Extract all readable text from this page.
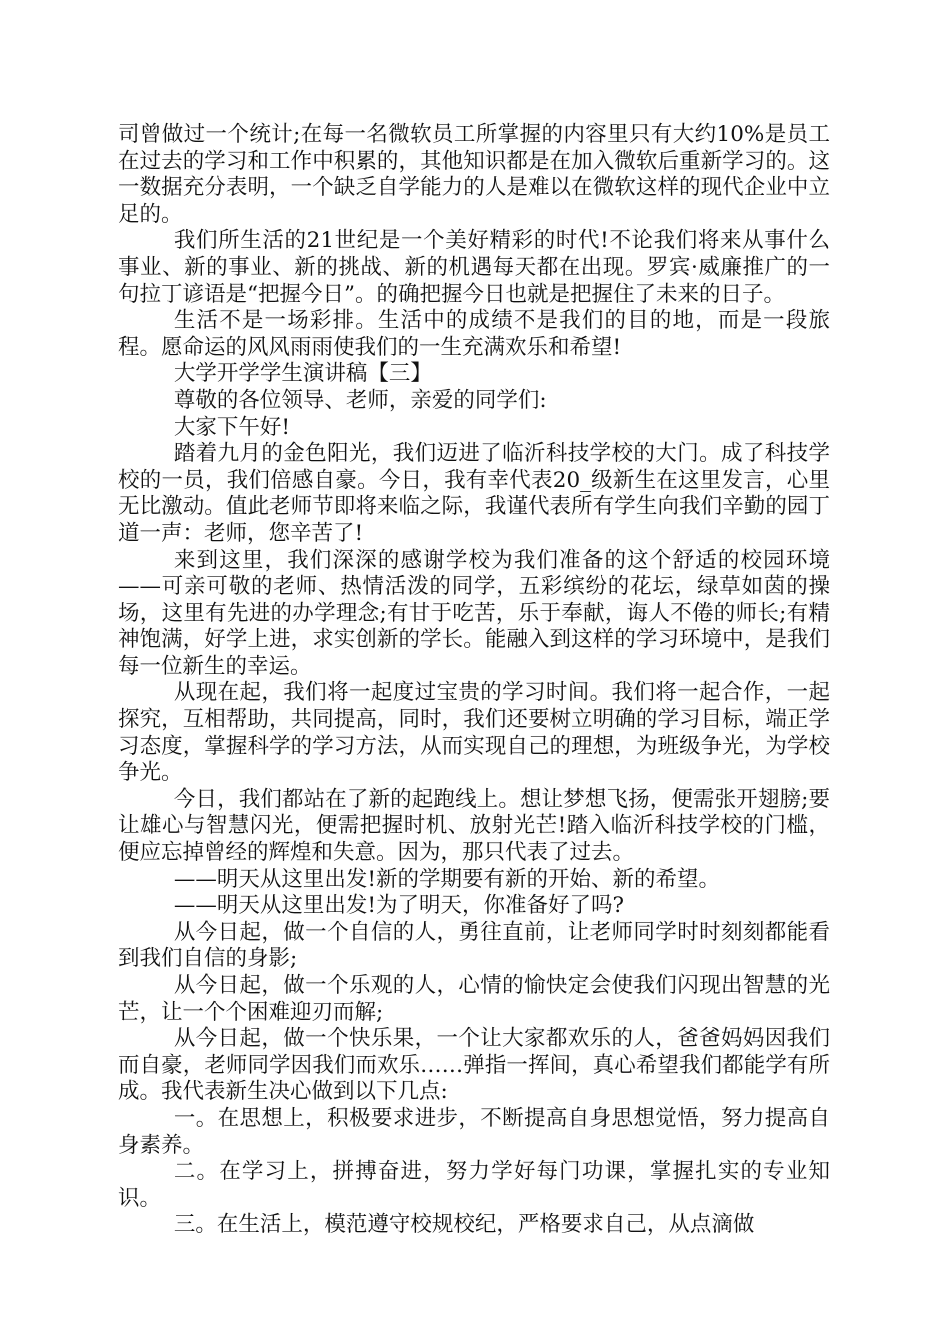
司曾做过一个统计;在每一名微软员工所掌握的内容里只有大约10%是员工在过去的学习和工作中积累的，其他知识都是在加入微软后重新学习的。这一数据充分表明，一个缺乏自学能力的人是难以在微软这样的现代企业中立足的。

我们所生活的21世纪是一个美好精彩的时代!不论我们将来从事什么事业、新的事业、新的挑战、新的机遇每天都在出现。罗宾·威廉推广的一句拉丁谚语是“把握今日”。的确把握今日也就是把握住了未来的日子。

生活不是一场彩排。生活中的成绩不是我们的目的地，而是一段旅程。愿命运的风风雨雨使我们的一生充满欢乐和希望!

大学开学学生演讲稿【三】

尊敬的各位领导、老师，亲爱的同学们:

大家下午好!

踏着九月的金色阳光，我们迈进了临沂科技学校的大门。成了科技学校的一员，我们倍感自豪。今日，我有幸代表20_级新生在这里发言，心里无比激动。值此老师节即将来临之际，我谨代表所有学生向我们辛勤的园丁道一声：老师，您辛苦了!

来到这里，我们深深的感谢学校为我们准备的这个舒适的校园环境——可亲可敬的老师、热情活泼的同学，五彩缤纷的花坛，绿草如茵的操场，这里有先进的办学理念;有甘于吃苦，乐于奉献，诲人不倦的师长;有精神饱满，好学上进，求实创新的学长。能融入到这样的学习环境中，是我们每一位新生的幸运。

从现在起，我们将一起度过宝贵的学习时间。我们将一起合作，一起探究，互相帮助，共同提高，同时，我们还要树立明确的学习目标，端正学习态度，掌握科学的学习方法，从而实现自己的理想，为班级争光，为学校争光。

今日，我们都站在了新的起跑线上。想让梦想飞扬，便需张开翅膀;要让雄心与智慧闪光，便需把握时机、放射光芒!踏入临沂科技学校的门槛，便应忘掉曾经的辉煌和失意。因为，那只代表了过去。

——明天从这里出发!新的学期要有新的开始、新的希望。

——明天从这里出发!为了明天，你准备好了吗?

从今日起，做一个自信的人，勇往直前，让老师同学时时刻刻都能看到我们自信的身影;

从今日起，做一个乐观的人，心情的愉快定会使我们闪现出智慧的光芒，让一个个困难迎刃而解;

从今日起，做一个快乐果，一个让大家都欢乐的人，爸爸妈妈因我们而自豪，老师同学因我们而欢乐……弹指一挥间，真心希望我们都能学有所成。我代表新生决心做到以下几点:

一。在思想上，积极要求进步，不断提高自身思想觉悟，努力提高自身素养。

二。在学习上，拼搏奋进，努力学好每门功课，掌握扎实的专业知识。

三。在生活上，模范遵守校规校纪，严格要求自己，从点滴做
